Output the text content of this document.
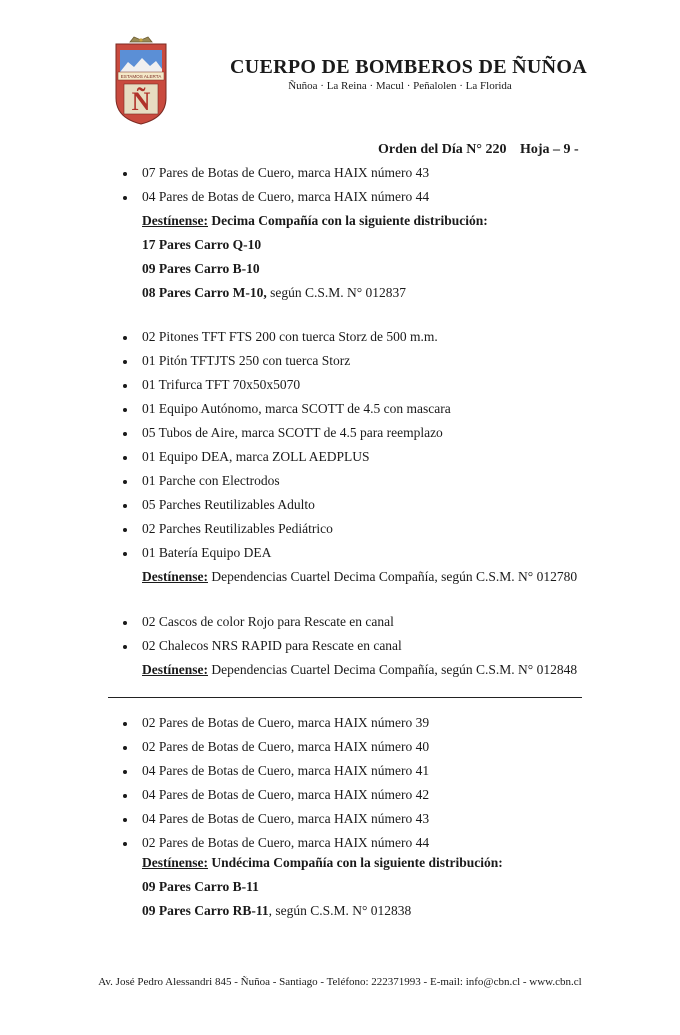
ESTAMOS ALERTA
Ñ
CUERPO DE BOMBEROS DE ÑUÑOA
Ñuñoa · La Reina · Macul · Peñalolen · La Florida
Orden del Día N° 220 Hoja – 9 -
07 Pares de Botas de Cuero, marca HAIX número 43
04 Pares de Botas de Cuero, marca HAIX número 44
Destínense: Decima Compañía con la siguiente distribución:
17 Pares Carro Q-10
09 Pares Carro B-10
08 Pares Carro M-10, según C.S.M. N° 012837
02 Pitones TFT FTS 200 con tuerca Storz de 500 m.m.
01 Pitón TFTJTS 250 con tuerca Storz
01 Trifurca TFT 70x50x5070
01 Equipo Autónomo, marca SCOTT de 4.5 con mascara
05 Tubos de Aire, marca SCOTT de 4.5 para reemplazo
01 Equipo DEA, marca ZOLL AEDPLUS
01 Parche con Electrodos
05 Parches Reutilizables Adulto
02 Parches Reutilizables Pediátrico
01 Batería Equipo DEA
Destínense: Dependencias Cuartel Decima Compañía, según C.S.M. N° 012780
02 Cascos de color Rojo para Rescate en canal
02 Chalecos NRS RAPID para Rescate en canal
Destínense: Dependencias Cuartel Decima Compañía, según C.S.M. N° 012848
02 Pares de Botas de Cuero, marca HAIX número 39
02 Pares de Botas de Cuero, marca HAIX número 40
04 Pares de Botas de Cuero, marca HAIX número 41
04 Pares de Botas de Cuero, marca HAIX número 42
04 Pares de Botas de Cuero, marca HAIX número 43
02 Pares de Botas de Cuero, marca HAIX número 44
Destínense: Undécima Compañía con la siguiente distribución:
09 Pares Carro B-11
09 Pares Carro RB-11, según C.S.M. N° 012838
Av. José Pedro Alessandri 845 - Ñuñoa - Santiago - Teléfono: 222371993 - E-mail: info@cbn.cl - www.cbn.cl
